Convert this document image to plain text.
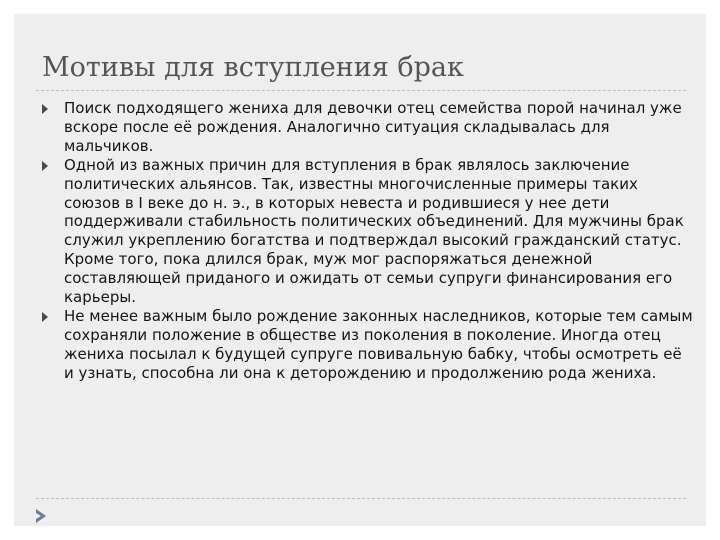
Мотивы для вступления брак
Поиск подходящего жениха для девочки отец семейства порой начинал уже вскоре после её рождения. Аналогично ситуация складывалась для мальчиков.
Одной из важных причин для вступления в брак являлось заключение политических альянсов. Так, известны многочисленные примеры таких союзов в I веке до н. э., в которых невеста и родившиеся у нее дети поддерживали стабильность политических объединений. Для мужчины брак служил укреплению богатства и подтверждал высокий гражданский статус. Кроме того, пока длился брак, муж мог распоряжаться денежной составляющей приданого и ожидать от семьи супруги финансирования его карьеры.
Не менее важным было рождение законных наследников, которые тем самым сохраняли положение в обществе из поколения в поколение. Иногда отец жениха посылал к будущей супруге повивальную бабку, чтобы осмотреть её и узнать, способна ли она к деторождению и продолжению рода жениха.
